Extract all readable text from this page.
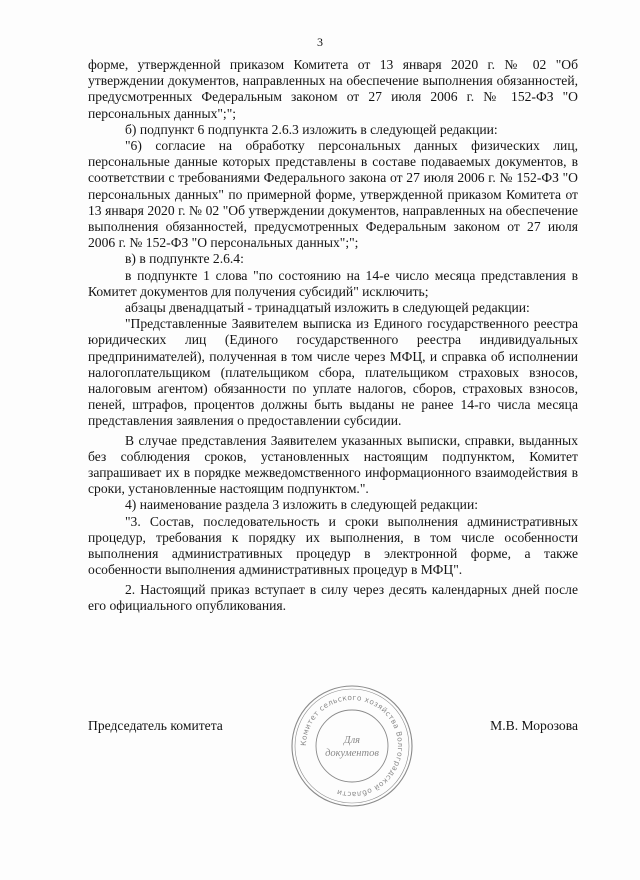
3

форме, утвержденной приказом Комитета от 13 января 2020 г. № 02 "Об утверждении документов, направленных на обеспечение выполнения обязанностей, предусмотренных Федеральным законом от 27 июля 2006 г. № 152-ФЗ "О персональных данных";";

б) подпункт 6 подпункта 2.6.3 изложить в следующей редакции:

"6) согласие на обработку персональных данных физических лиц, персональные данные которых представлены в составе подаваемых документов, в соответствии с требованиями Федерального закона от 27 июля 2006 г. № 152-ФЗ "О персональных данных" по примерной форме, утвержденной приказом Комитета от 13 января 2020 г. № 02 "Об утверждении документов, направленных на обеспечение выполнения обязанностей, предусмотренных Федеральным законом от 27 июля 2006 г. № 152-ФЗ "О персональных данных";";

в) в подпункте 2.6.4:

в подпункте 1 слова "по состоянию на 14-е число месяца представления в Комитет документов для получения субсидий" исключить;

абзацы двенадцатый - тринадцатый изложить в следующей редакции:

"Представленные Заявителем выписка из Единого государственного реестра юридических лиц (Единого государственного реестра индивидуальных предпринимателей), полученная в том числе через МФЦ, и справка об исполнении налогоплательщиком (плательщиком сбора, плательщиком страховых взносов, налоговым агентом) обязанности по уплате налогов, сборов, страховых взносов, пеней, штрафов, процентов должны быть выданы не ранее 14-го числа месяца представления заявления о предоставлении субсидии.

В случае представления Заявителем указанных выписки, справки, выданных без соблюдения сроков, установленных настоящим подпунктом, Комитет запрашивает их в порядке межведомственного информационного взаимодействия в сроки, установленные настоящим подпунктом.".

4) наименование раздела 3 изложить в следующей редакции:

"3. Состав, последовательность и сроки выполнения административных процедур, требования к порядку их выполнения, в том числе особенности выполнения административных процедур в электронной форме, а также особенности выполнения административных процедур в МФЦ".

2. Настоящий приказ вступает в силу через десять календарных дней после его официального опубликования.

Председатель комитета	М.В. Морозова
Комитет сельского хозяйства Волгоградской области
Для
документов
